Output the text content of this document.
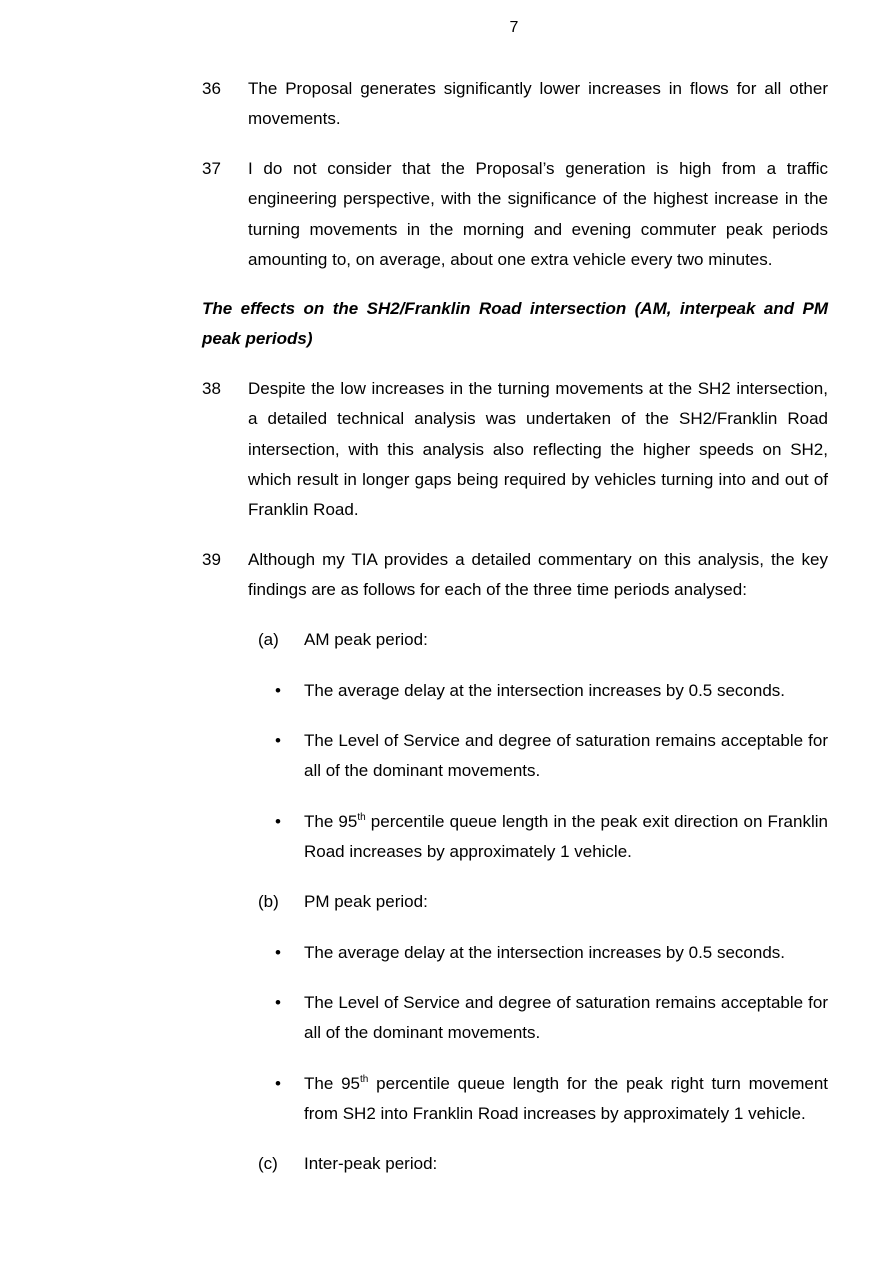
7
36 The Proposal generates significantly lower increases in flows for all other movements.
37 I do not consider that the Proposal’s generation is high from a traffic engineering perspective, with the significance of the highest increase in the turning movements in the morning and evening commuter peak periods amounting to, on average, about one extra vehicle every two minutes.
The effects on the SH2/Franklin Road intersection (AM, interpeak and PM peak periods)
38 Despite the low increases in the turning movements at the SH2 intersection, a detailed technical analysis was undertaken of the SH2/Franklin Road intersection, with this analysis also reflecting the higher speeds on SH2, which result in longer gaps being required by vehicles turning into and out of Franklin Road.
39 Although my TIA provides a detailed commentary on this analysis, the key findings are as follows for each of the three time periods analysed:
(a) AM peak period:
• The average delay at the intersection increases by 0.5 seconds.
• The Level of Service and degree of saturation remains acceptable for all of the dominant movements.
• The 95th percentile queue length in the peak exit direction on Franklin Road increases by approximately 1 vehicle.
(b) PM peak period:
• The average delay at the intersection increases by 0.5 seconds.
• The Level of Service and degree of saturation remains acceptable for all of the dominant movements.
• The 95th percentile queue length for the peak right turn movement from SH2 into Franklin Road increases by approximately 1 vehicle.
(c) Inter-peak period:
